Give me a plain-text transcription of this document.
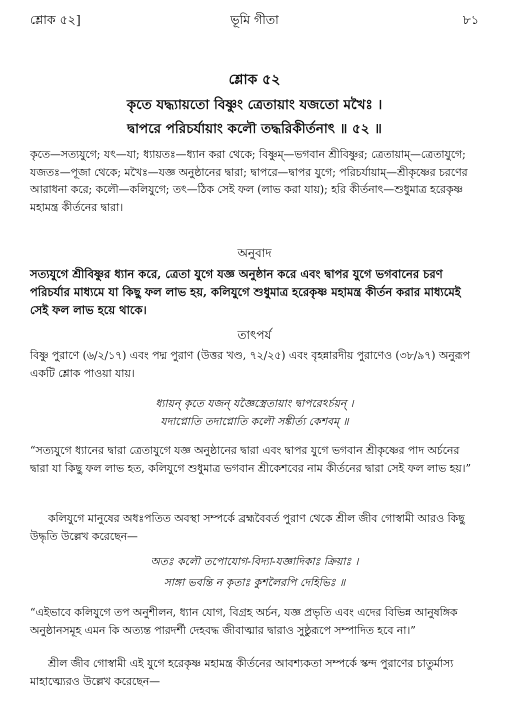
শ্লোক ৫২]	ভূমি গীতা	৮১
শ্লোক ৫২
কৃতে যদ্ধ্যায়তো বিষ্ণুং ত্রেতায়াং যজতো মখৈঃ ।
দ্বাপরে পরিচর্যায়াং কলৌ তদ্ধরিকীর্তনাৎ ॥ ৫২ ॥
কৃতে—সত্যযুগে; যৎ—যা; ধ্যায়তঃ—ধ্যান করা থেকে; বিষ্ণুম্—ভগবান শ্রীবিষ্ণুর; ত্রেতায়াম্—ত্রেতাযুগে; যজতঃ—পূজা থেকে; মখৈঃ—যজ্ঞ অনুষ্ঠানের দ্বারা; দ্বাপরে—দ্বাপর যুগে; পরিচর্যায়াম্—শ্রীকৃষ্ণের চরণের আরাধনা করে; কলৌ—কলিযুগে; তৎ—ঠিক সেই ফল (লাভ করা যায়); হরি কীর্তনাৎ—শুধুমাত্র হরেকৃষ্ণ মহামন্ত্র কীর্তনের দ্বারা।
অনুবাদ
সত্যযুগে শ্রীবিষ্ণুর ধ্যান করে, ত্রেতা যুগে যজ্ঞ অনুষ্ঠান করে এবং দ্বাপর যুগে ভগবানের চরণ পরিচর্যার মাধ্যমে যা কিছু ফল লাভ হয়, কলিযুগে শুধুমাত্র হরেকৃষ্ণ মহামন্ত্র কীর্তন করার মাধ্যমেই সেই ফল লাভ হয়ে থাকে।
তাৎপর্য
বিষ্ণু পুরাণে (৬/২/১৭) এবং পদ্ম পুরাণ (উত্তর খণ্ড, ৭২/২৫) এবং বৃহন্নারদীয় পুরাণেও (৩৮/৯৭) অনুরূপ একটি শ্লোক পাওয়া যায়।
ধ্যায়ন্ কৃতে যজন্ যজ্ঞৈস্ত্রেতায়াং দ্বাপরেঽর্চয়ন্ ।
যদাপ্নোতি তদাপ্নোতি কলৌ সঙ্কীর্ত্য কেশবম্ ॥
“সত্যযুগে ধ্যানের দ্বারা ত্রেতাযুগে যজ্ঞ অনুষ্ঠানের দ্বারা এবং দ্বাপর যুগে ভগবান শ্রীকৃষ্ণের পাদ অর্চনের দ্বারা যা কিছু ফল লাভ হত, কলিযুগে শুধুমাত্র ভগবান শ্রীকেশবের নাম কীর্তনের দ্বারা সেই ফল লাভ হয়।”
কলিযুগে মানুষের অধঃপতিত অবস্থা সম্পর্কে ব্রহ্মবৈবর্ত পুরাণ থেকে শ্রীল জীব গোস্বামী আরও কিছু উদ্ধৃতি উল্লেখ করেছেন—
অতঃ কলৌ তপোযোগ-বিদ্যা-যজ্ঞাদিকাঃ ক্রিয়াঃ ।
সাঙ্গা ভবন্তি ন কৃতাঃ কুশলৈরপি দেহিভিঃ ॥
“এইভাবে কলিযুগে তপ অনুশীলন, ধ্যান যোগ, বিগ্রহ অর্চন, যজ্ঞ প্রভৃতি এবং এদের বিভিন্ন আনুষঙ্গিক অনুষ্ঠানসমূহ এমন কি অত্যন্ত পারদর্শী দেহবদ্ধ জীবাত্মার দ্বারাও সুষ্ঠুরূপে সম্পাদিত হবে না।”
শ্রীল জীব গোস্বামী এই যুগে হরেকৃষ্ণ মহামন্ত্র কীর্তনের আবশ্যকতা সম্পর্কে স্কন্দ পুরাণের চাতুর্মাস্য মাহাত্ম্যেরও উল্লেখ করেছেন—
